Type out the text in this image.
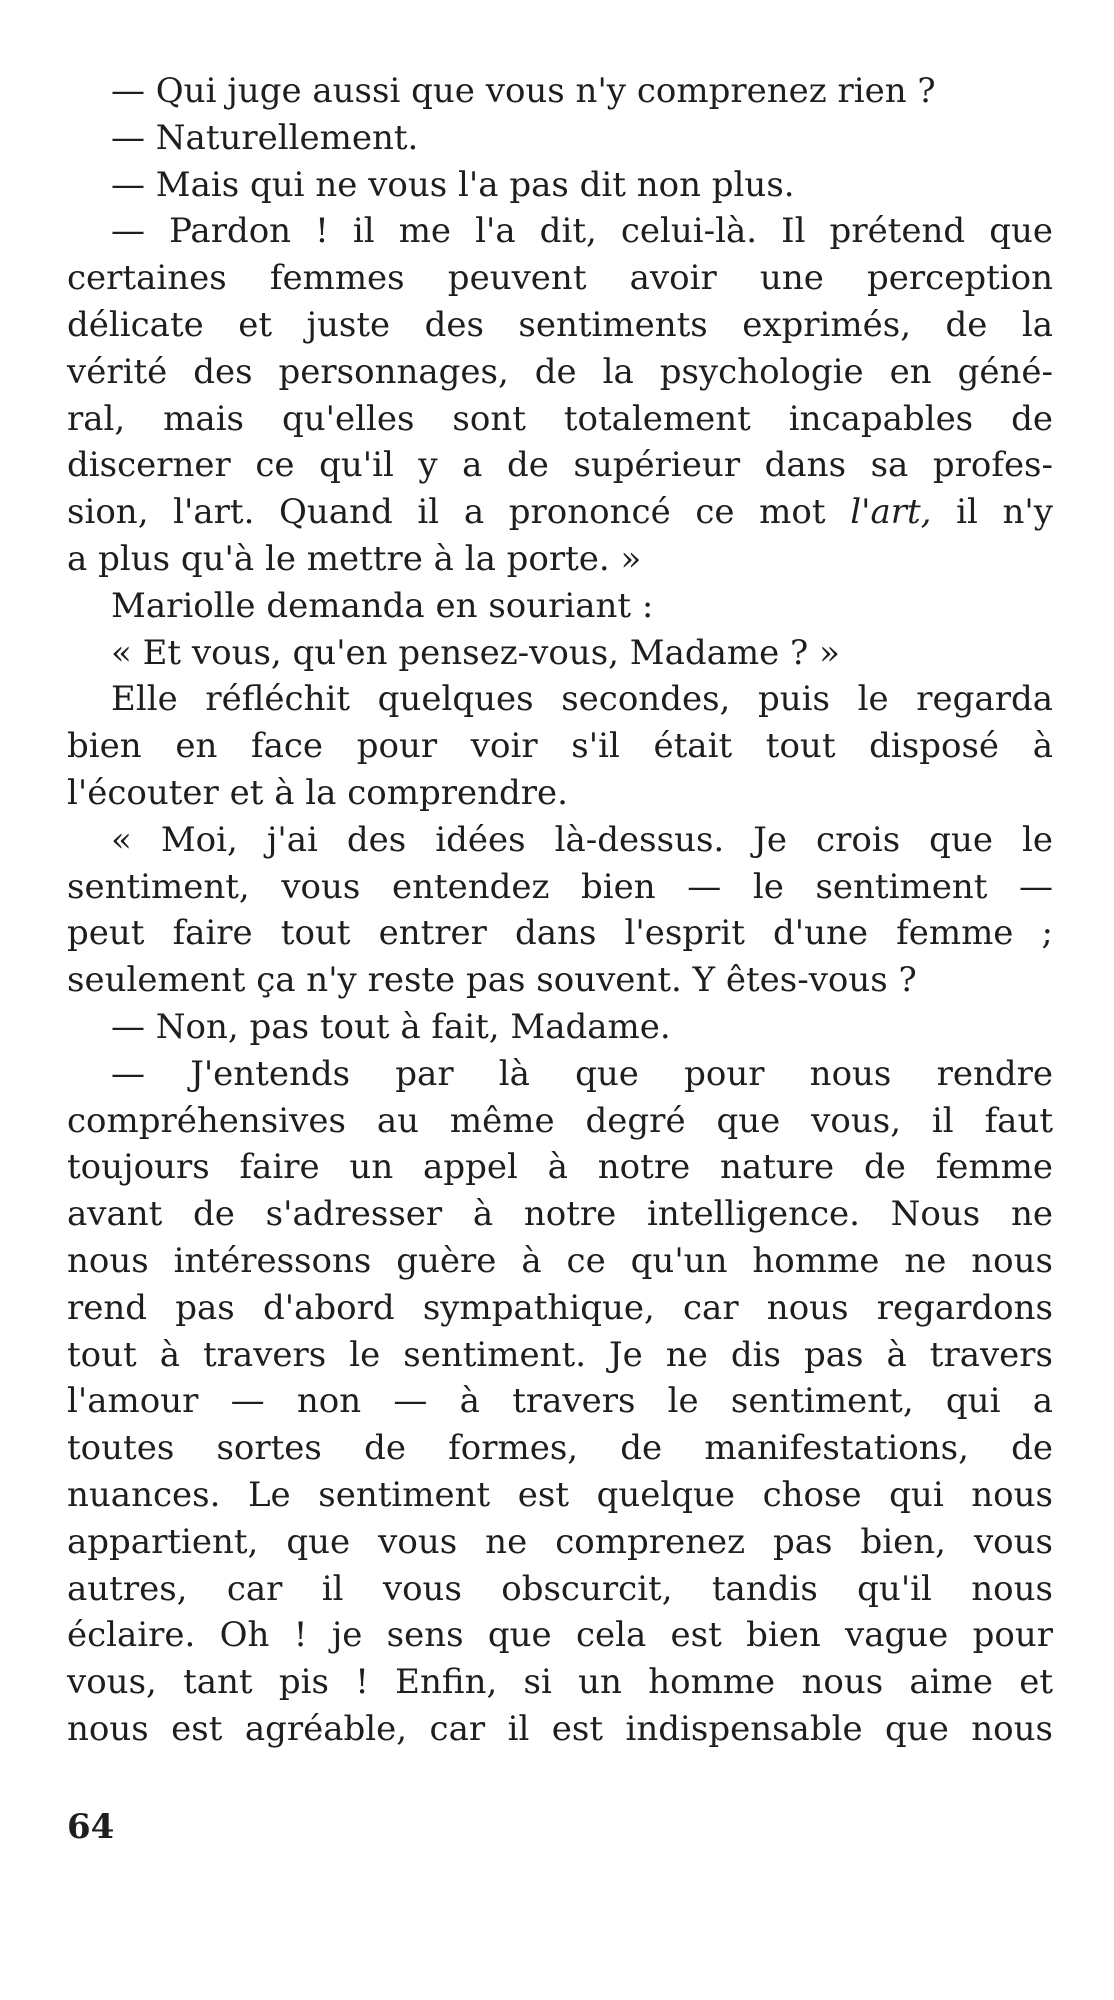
— Qui juge aussi que vous n'y comprenez rien ?
— Naturellement.
— Mais qui ne vous l'a pas dit non plus.
— Pardon ! il me l'a dit, celui-là. Il prétend que
certaines femmes peuvent avoir une perception
délicate et juste des sentiments exprimés, de la
vérité des personnages, de la psychologie en géné-
ral, mais qu'elles sont totalement incapables de
discerner ce qu'il y a de supérieur dans sa profes-
sion, l'art. Quand il a prononcé ce mot l'art, il n'y
a plus qu'à le mettre à la porte. »
Mariolle demanda en souriant :
« Et vous, qu'en pensez-vous, Madame ? »
Elle réfléchit quelques secondes, puis le regarda
bien en face pour voir s'il était tout disposé à
l'écouter et à la comprendre.
« Moi, j'ai des idées là-dessus. Je crois que le
sentiment, vous entendez bien — le sentiment —
peut faire tout entrer dans l'esprit d'une femme ;
seulement ça n'y reste pas souvent. Y êtes-vous ?
— Non, pas tout à fait, Madame.
— J'entends par là que pour nous rendre
compréhensives au même degré que vous, il faut
toujours faire un appel à notre nature de femme
avant de s'adresser à notre intelligence. Nous ne
nous intéressons guère à ce qu'un homme ne nous
rend pas d'abord sympathique, car nous regardons
tout à travers le sentiment. Je ne dis pas à travers
l'amour — non — à travers le sentiment, qui a
toutes sortes de formes, de manifestations, de
nuances. Le sentiment est quelque chose qui nous
appartient, que vous ne comprenez pas bien, vous
autres, car il vous obscurcit, tandis qu'il nous
éclaire. Oh ! je sens que cela est bien vague pour
vous, tant pis ! Enfin, si un homme nous aime et
nous est agréable, car il est indispensable que nous
64
